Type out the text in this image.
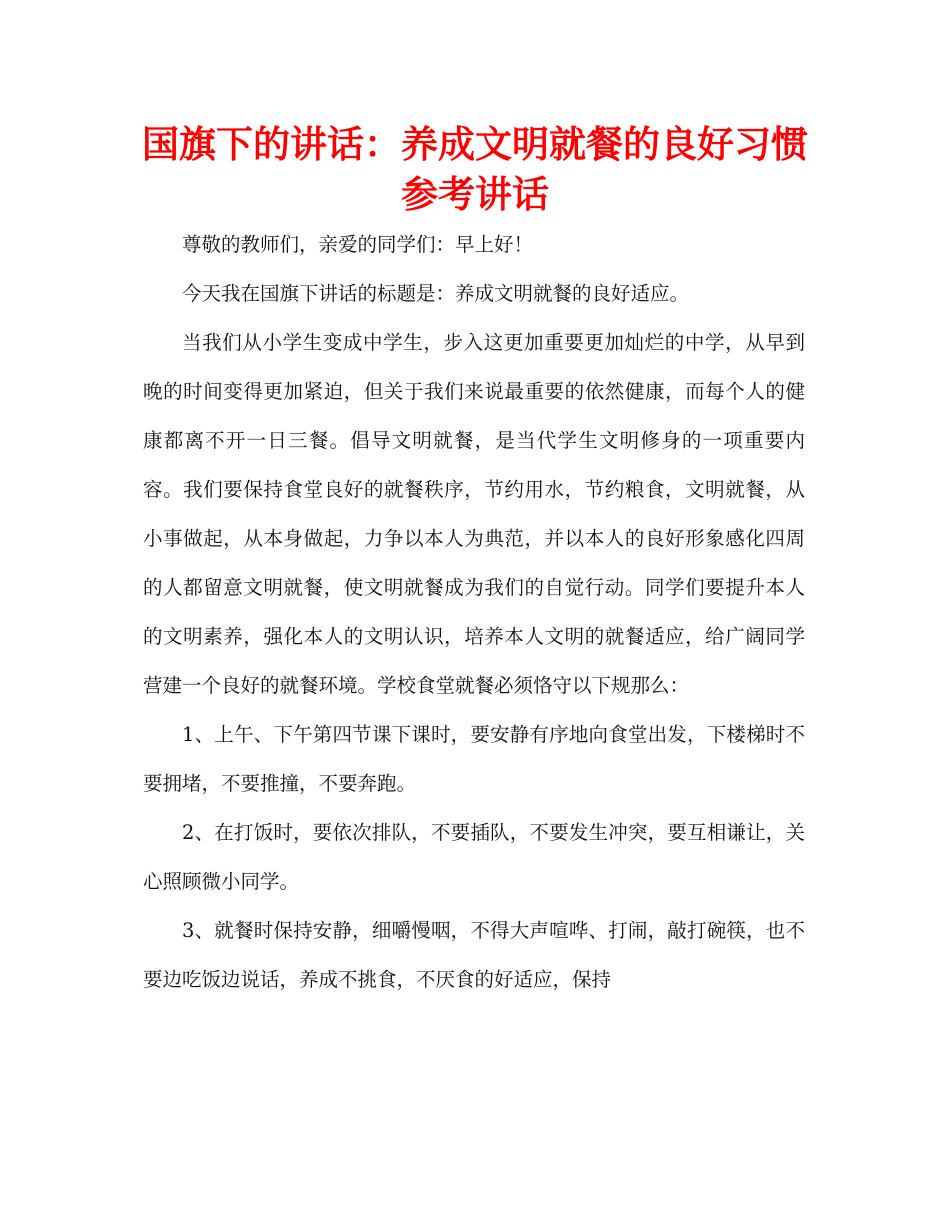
国旗下的讲话：养成文明就餐的良好习惯参考讲话

尊敬的教师们，亲爱的同学们：早上好！

今天我在国旗下讲话的标题是：养成文明就餐的良好适应。

当我们从小学生变成中学生，步入这更加重要更加灿烂的中学，从早到晚的时间变得更加紧迫，但关于我们来说最重要的依然健康，而每个人的健康都离不开一日三餐。倡导文明就餐，是当代学生文明修身的一项重要内容。我们要保持食堂良好的就餐秩序，节约用水，节约粮食，文明就餐，从小事做起，从本身做起，力争以本人为典范，并以本人的良好形象感化四周的人都留意文明就餐，使文明就餐成为我们的自觉行动。同学们要提升本人的文明素养，强化本人的文明认识，培养本人文明的就餐适应，给广阔同学营建一个良好的就餐环境。学校食堂就餐必须恪守以下规那么：

1、上午、下午第四节课下课时，要安静有序地向食堂出发，下楼梯时不要拥堵，不要推撞，不要奔跑。

2、在打饭时，要依次排队，不要插队，不要发生冲突，要互相谦让，关心照顾微小同学。

3、就餐时保持安静，细嚼慢咽，不得大声喧哗、打闹，敲打碗筷，也不要边吃饭边说话，养成不挑食，不厌食的好适应，保持
